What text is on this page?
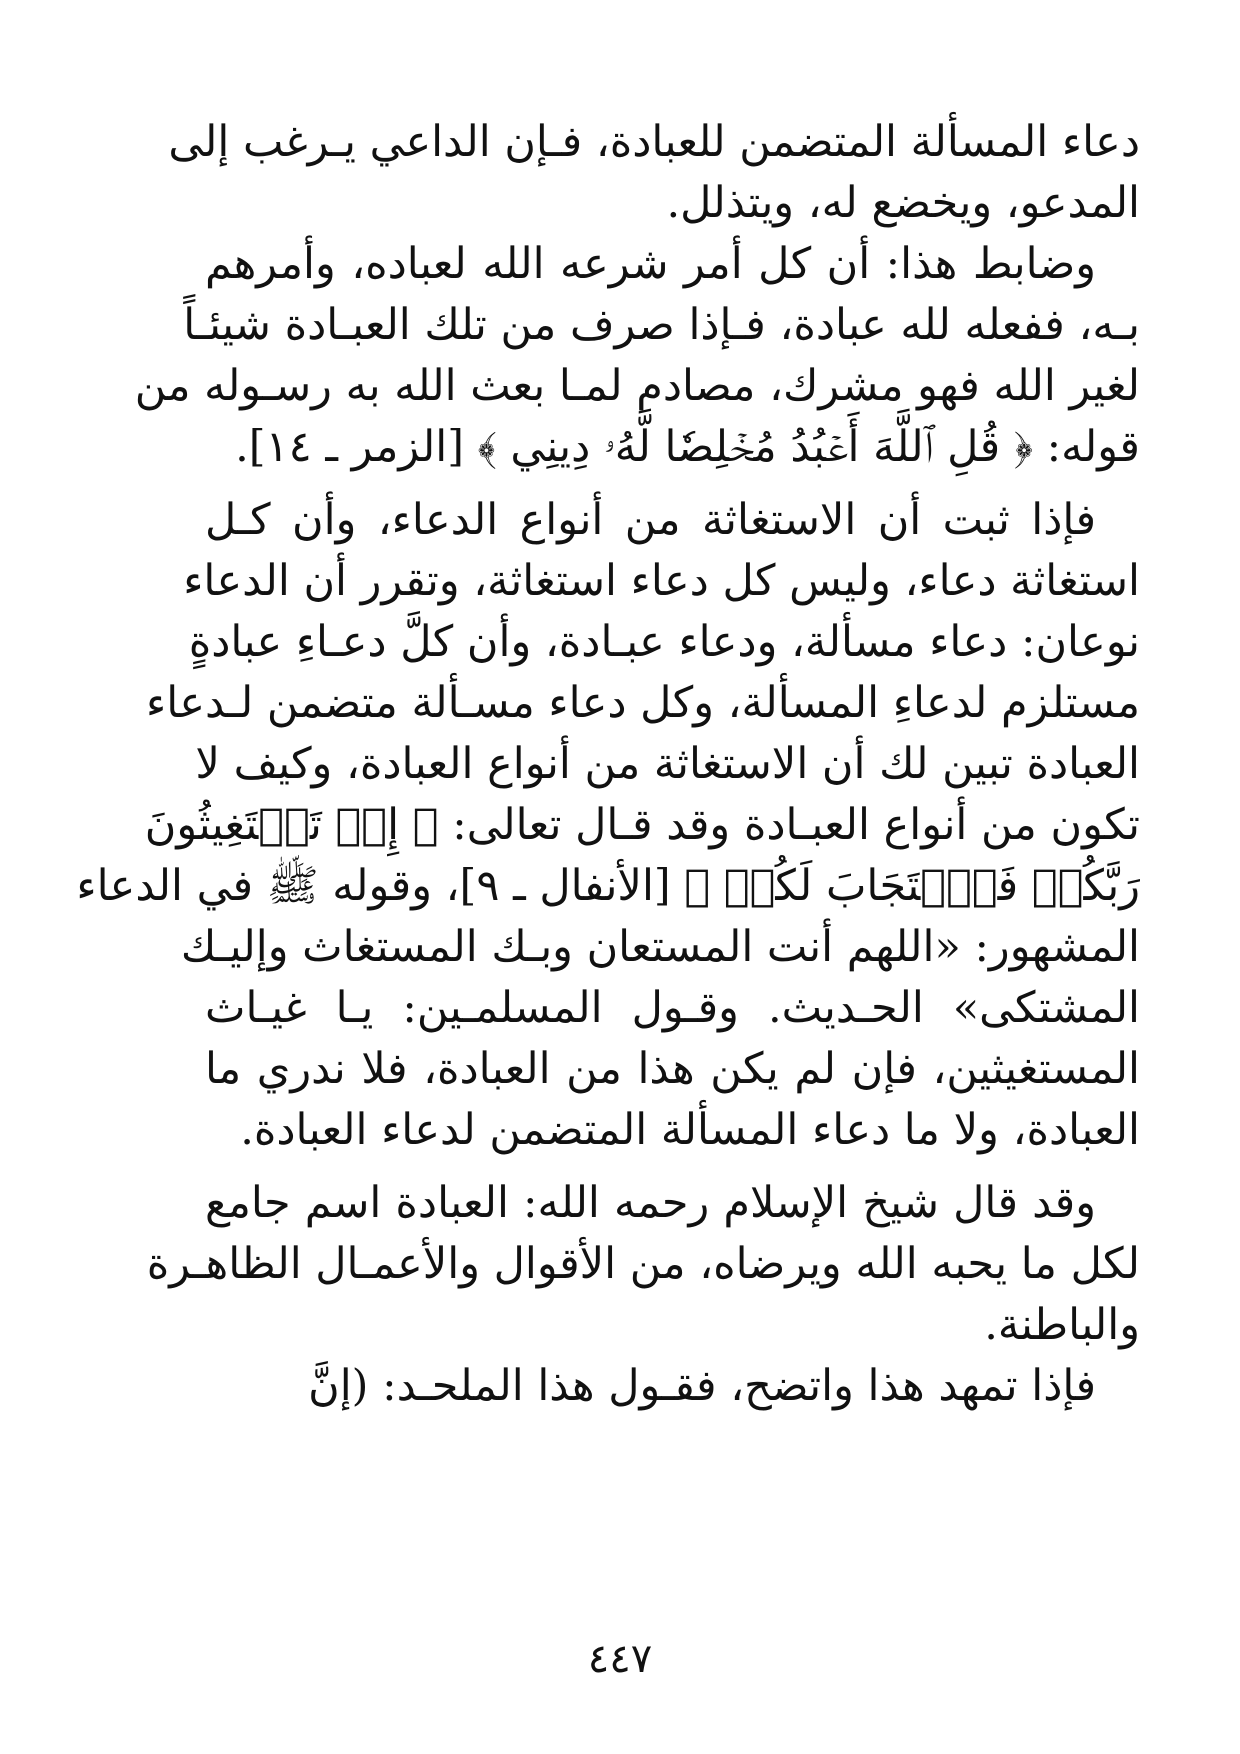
دعاء المسألة المتضمن للعبادة، فـإن الداعي يـرغب إلى
المدعو، ويخضع له، ويتذلل.
وضابط هذا: أن كل أمر شرعه الله لعباده، وأمرهم
بـه، ففعله لله عبادة، فـإذا صرف من تلك العبـادة شيئـاً
لغير الله فهو مشرك، مصادم لمـا بعث الله به رسـوله من
قوله: ﴿ قُلِ ٱللَّهَ أَعۡبُدُ مُخۡلِصٗا لَّهُۥ دِينِي ﴾ [الزمر ـ ١٤].
فإذا ثبت أن الاستغاثة من أنواع الدعاء، وأن كـل
استغاثة دعاء، وليس كل دعاء استغاثة، وتقرر أن الدعاء
نوعان: دعاء مسألة، ودعاء عبـادة، وأن كلَّ دعـاءِ عبادةٍ
مستلزم لدعاءِ المسألة، وكل دعاء مسـألة متضمن لـدعاء
العبادة تبين لك أن الاستغاثة من أنواع العبادة، وكيف لا
تكون من أنواع العبـادة وقد قـال تعالى: ﴿ إِذۡ تَسۡتَغِيثُونَ
رَبَّكُمۡ فَٱسۡتَجَابَ لَكُمۡ ﴾ [الأنفال ـ ٩]، وقوله ﷺ في الدعاء
المشهور: «اللهم أنت المستعان وبـك المستغاث وإليـك
المشتكى» الحـديث. وقـول المسلمـين: يـا غيـاث
المستغيثين، فإن لم يكن هذا من العبادة، فلا ندري ما
العبادة، ولا ما دعاء المسألة المتضمن لدعاء العبادة.
وقد قال شيخ الإسلام رحمه الله: العبادة اسم جامع
لكل ما يحبه الله ويرضاه، من الأقوال والأعمـال الظاهـرة
والباطنة.
فإذا تمهد هذا واتضح، فقـول هذا الملحـد: (إنَّ
٤٤٧
